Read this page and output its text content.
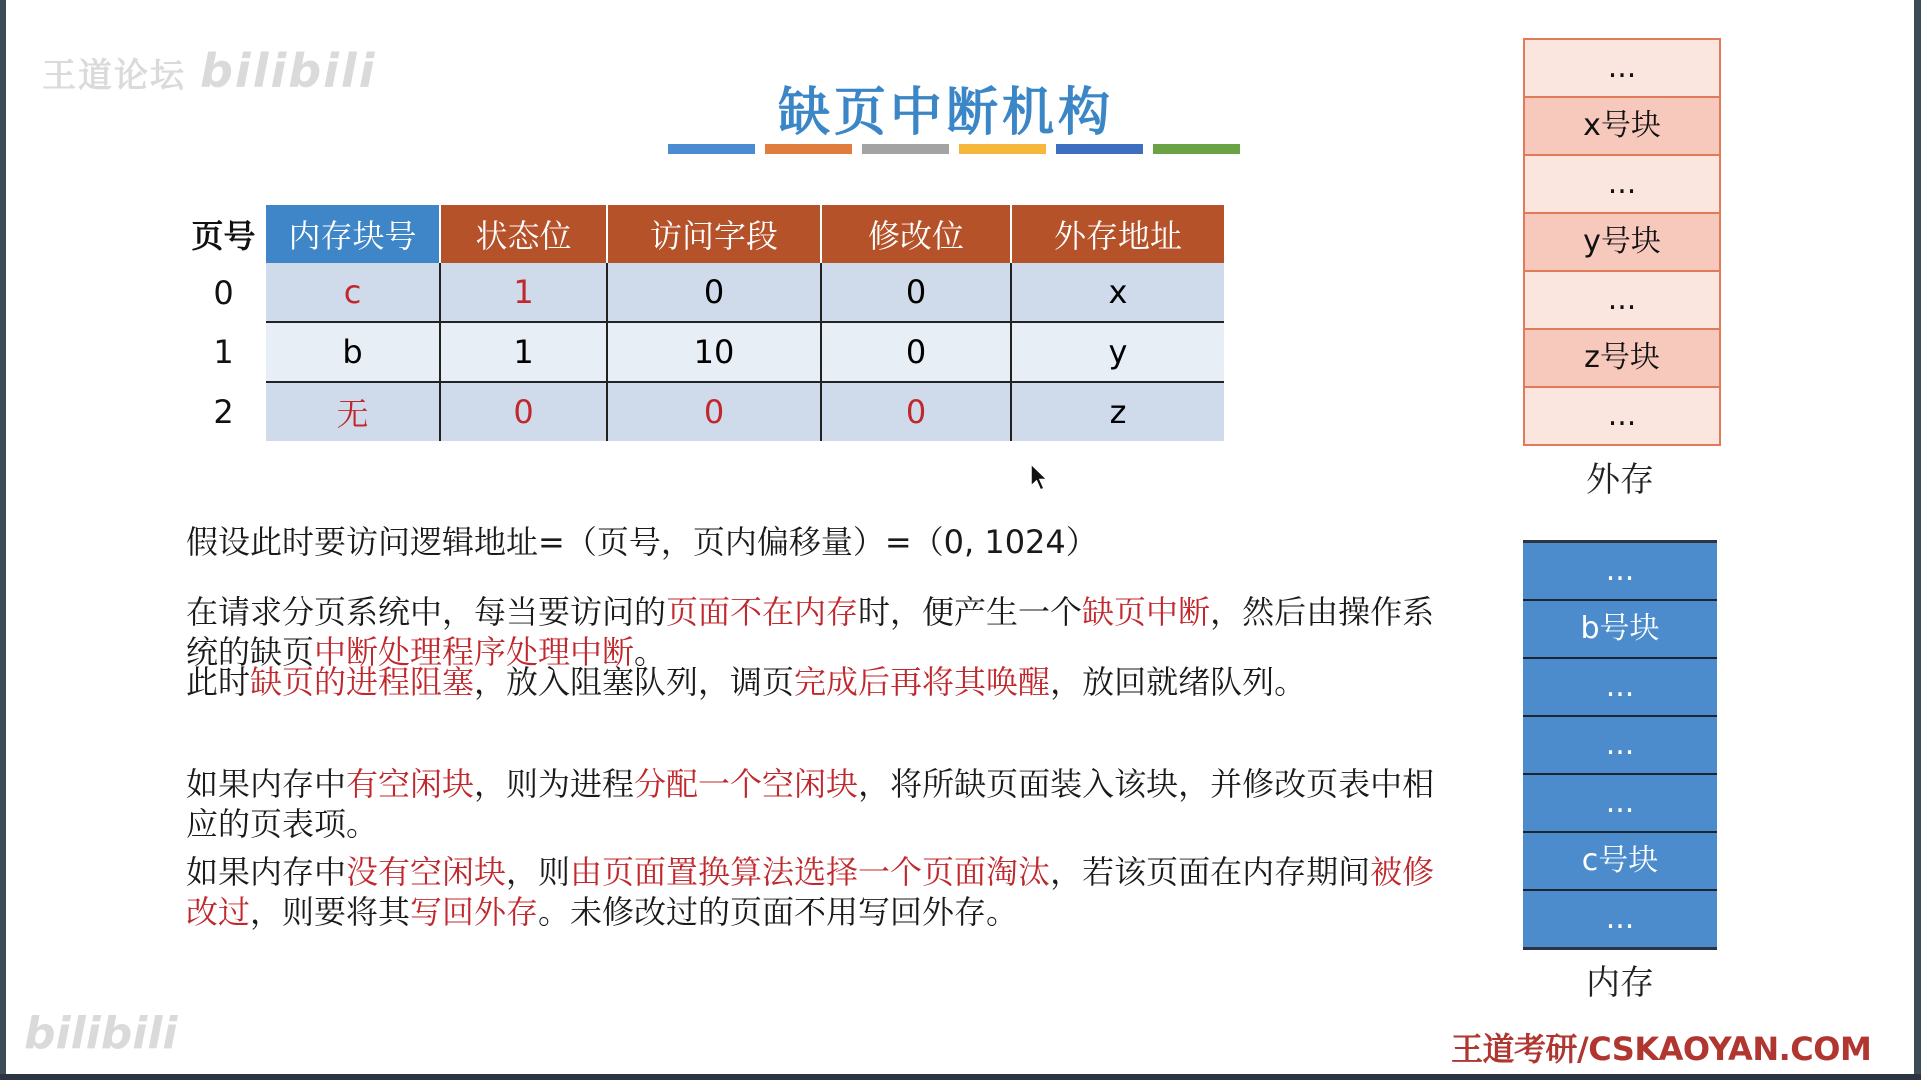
王道论坛 bilibili
缺页中断机构
页号	内存块号	状态位	访问字段	修改位	外存地址
0	c	1	0	0	x
1	b	1	10	0	y
2	无	0	0	0	z
假设此时要访问逻辑地址=（页号，页内偏移量）=（0, 1024）
在请求分页系统中，每当要访问的页面不在内存时，便产生一个缺页中断，然后由操作系统的缺页中断处理程序处理中断。
此时缺页的进程阻塞，放入阻塞队列，调页完成后再将其唤醒，放回就绪队列。
如果内存中有空闲块，则为进程分配一个空闲块，将所缺页面装入该块，并修改页表中相应的页表项。
如果内存中没有空闲块，则由页面置换算法选择一个页面淘汰，若该页面在内存期间被修改过，则要将其写回外存。未修改过的页面不用写回外存。
...
x号块
...
y号块
...
z号块
...
外存
...
b号块
...
...
...
c号块
...
内存
王道考研/CSKAOYAN.COM
bilibili
